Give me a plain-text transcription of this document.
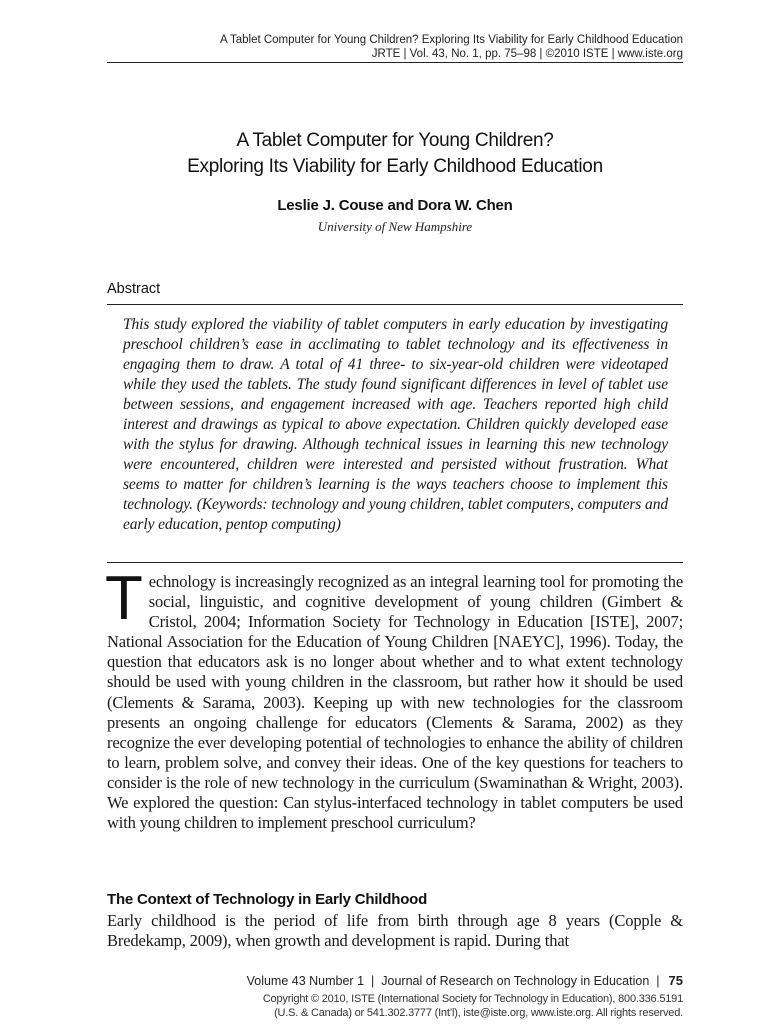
A Tablet Computer for Young Children? Exploring Its Viability for Early Childhood Education
JRTE | Vol. 43, No. 1, pp. 75–98 | ©2010 ISTE | www.iste.org
A Tablet Computer for Young Children?
Exploring Its Viability for Early Childhood Education
Leslie J. Couse and Dora W. Chen
University of New Hampshire
Abstract
This study explored the viability of tablet computers in early education by investigating preschool children’s ease in acclimating to tablet technology and its effectiveness in engaging them to draw. A total of 41 three- to six-year-old children were videotaped while they used the tablets. The study found significant differences in level of tablet use between sessions, and engagement increased with age. Teachers reported high child interest and drawings as typical to above expectation. Children quickly developed ease with the stylus for drawing. Although technical issues in learning this new technology were encountered, children were interested and persisted without frustration. What seems to matter for children’s learning is the ways teachers choose to implement this technology. (Keywords: technology and young children, tablet computers, computers and early education, pentop computing)
Technology is increasingly recognized as an integral learning tool for promoting the social, linguistic, and cognitive development of young children (Gimbert & Cristol, 2004; Information Society for Technology in Education [ISTE], 2007; National Association for the Education of Young Children [NAEYC], 1996). Today, the question that educators ask is no longer about whether and to what extent technology should be used with young children in the classroom, but rather how it should be used (Clements & Sarama, 2003). Keeping up with new technologies for the classroom presents an ongoing challenge for educators (Clements & Sarama, 2002) as they recognize the ever developing potential of technologies to enhance the ability of children to learn, problem solve, and convey their ideas. One of the key questions for teachers to consider is the role of new technology in the curriculum (Swaminathan & Wright, 2003). We explored the question: Can stylus-interfaced technology in tablet computers be used with young children to implement preschool curriculum?
The Context of Technology in Early Childhood
Early childhood is the period of life from birth through age 8 years (Copple & Bredekamp, 2009), when growth and development is rapid. During that
Volume 43 Number 1 | Journal of Research on Technology in Education | 75
Copyright © 2010, ISTE (International Society for Technology in Education), 800.336.5191
(U.S. & Canada) or 541.302.3777 (Int’l), iste@iste.org, www.iste.org. All rights reserved.
